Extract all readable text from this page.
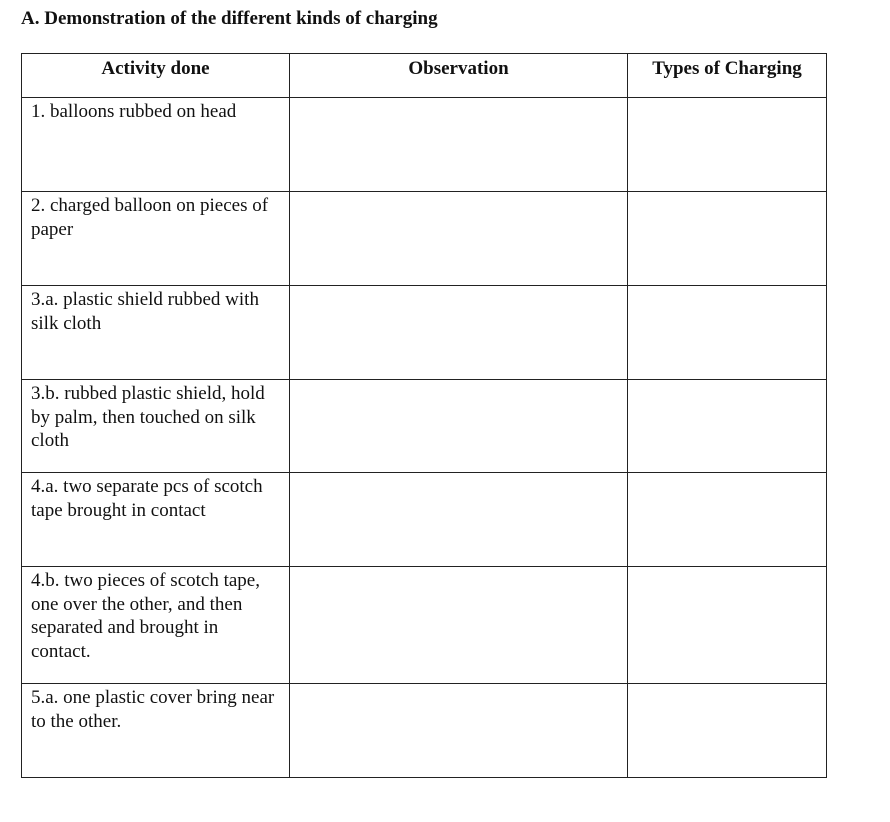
A. Demonstration of the different kinds of charging
Activity done	Observation	Types of Charging
1. balloons rubbed on head		
2. charged balloon on pieces of paper		
3.a. plastic shield rubbed with silk cloth		
3.b. rubbed plastic shield, hold by palm, then touched on silk cloth		
4.a. two separate pcs of scotch tape brought in contact		
4.b. two pieces of scotch tape, one over the other, and then separated and brought in contact.		
5.a. one plastic cover bring near to the other.		
